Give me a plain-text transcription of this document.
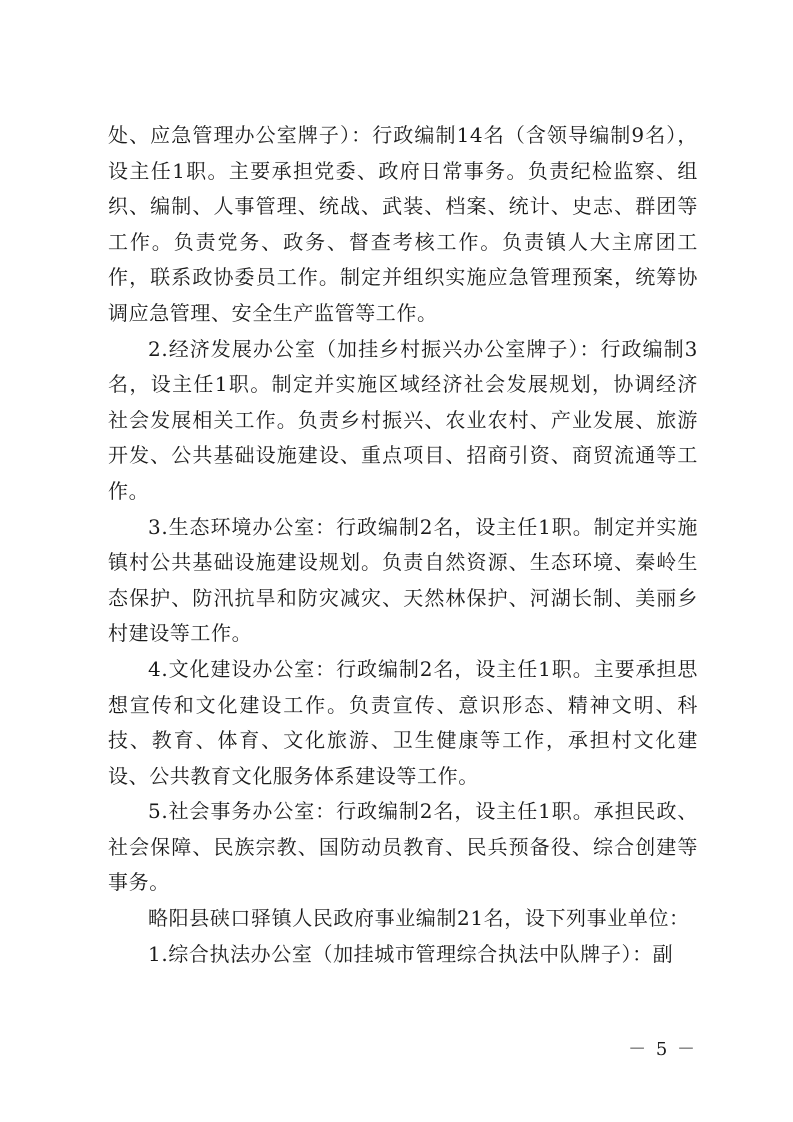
处、应急管理办公室牌子）：行政编制14名（含领导编制9名），设主任1职。主要承担党委、政府日常事务。负责纪检监察、组织、编制、人事管理、统战、武装、档案、统计、史志、群团等工作。负责党务、政务、督查考核工作。负责镇人大主席团工作，联系政协委员工作。制定并组织实施应急管理预案，统筹协调应急管理、安全生产监管等工作。

2.经济发展办公室（加挂乡村振兴办公室牌子）：行政编制3名，设主任1职。制定并实施区域经济社会发展规划，协调经济社会发展相关工作。负责乡村振兴、农业农村、产业发展、旅游开发、公共基础设施建设、重点项目、招商引资、商贸流通等工作。

3.生态环境办公室：行政编制2名，设主任1职。制定并实施镇村公共基础设施建设规划。负责自然资源、生态环境、秦岭生态保护、防汛抗旱和防灾减灾、天然林保护、河湖长制、美丽乡村建设等工作。

4.文化建设办公室：行政编制2名，设主任1职。主要承担思想宣传和文化建设工作。负责宣传、意识形态、精神文明、科技、教育、体育、文化旅游、卫生健康等工作，承担村文化建设、公共教育文化服务体系建设等工作。

5.社会事务办公室：行政编制2名，设主任1职。承担民政、社会保障、民族宗教、国防动员教育、民兵预备役、综合创建等事务。

略阳县硖口驿镇人民政府事业编制21名，设下列事业单位：

1.综合执法办公室（加挂城市管理综合执法中队牌子）：副

－ 5 －
